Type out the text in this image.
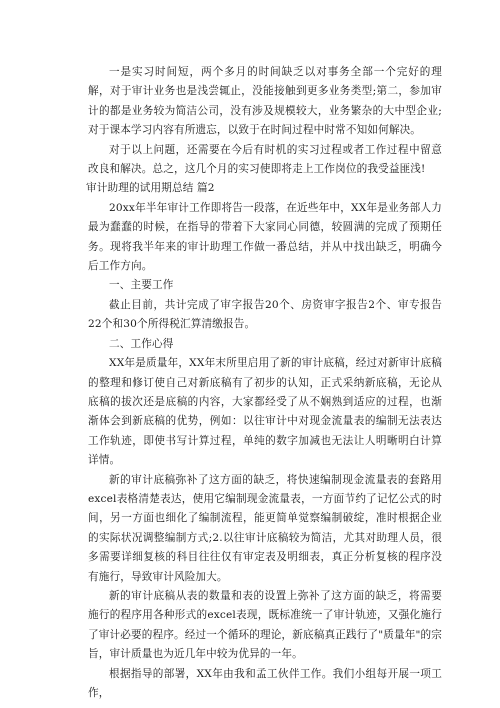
一是实习时间短，两个多月的时间缺乏以对事务全部一个完好的理解，对于审计业务也是浅尝辄止，没能接触到更多业务类型;第二，参加审计的都是业务较为简洁公司，没有涉及规模较大，业务繁杂的大中型企业;对于课本学习内容有所遗忘，以致于在时间过程中时常不知如何解决。

对于以上问题，还需要在今后有时机的实习过程或者工作过程中留意改良和解决。总之，这几个月的实习使即将走上工作岗位的我受益匪浅!

审计助理的试用期总结 篇2

20xx年半年审计工作即将告一段落，在近些年中，XX年是业务部人力最为蠢蠢的时候，在指导的带着下大家同心同德，较圆满的完成了预期任务。现将我半年来的审计助理工作做一番总结，并从中找出缺乏，明确今后工作方向。

一、主要工作

截止目前，共计完成了审字报告20个、房资审字报告2个、审专报告22个和30个所得税汇算清缴报告。

二、工作心得

XX年是质量年，XX年末所里启用了新的审计底稿，经过对新审计底稿的整理和修订使自己对新底稿有了初步的认知，正式采纳新底稿，无论从底稿的拔次还是底稿的内容，大家都经受了从不娴熟到适应的过程，也渐渐体会到新底稿的优势，例如：以往审计中对现金流量表的编制无法表达工作轨迹，即使书写计算过程，单纯的数字加减也无法让人明晰明白计算详情。

新的审计底稿弥补了这方面的缺乏，将快速编制现金流量表的套路用excel表格清楚表达，使用它编制现金流量表，一方面节约了记忆公式的时间，另一方面也细化了编制流程，能更简单觉察编制破绽，准时根据企业的实际状况调整编制方式;2.以往审计底稿较为简洁，尤其对助理人员，很多需要详细复核的科目往往仅有审定表及明细表，真正分析复核的程序没有施行，导致审计风险加大。

新的审计底稿从表的数量和表的设置上弥补了这方面的缺乏，将需要施行的程序用各种形式的excel表现，既标准统一了审计轨迹，又强化施行了审计必要的程序。经过一个循环的理论，新底稿真正践行了"质量年"的宗旨，审计质量也为近几年中较为优异的一年。

根据指导的部署，XX年由我和孟工伙伴工作。我们小组每开展一项工作，
